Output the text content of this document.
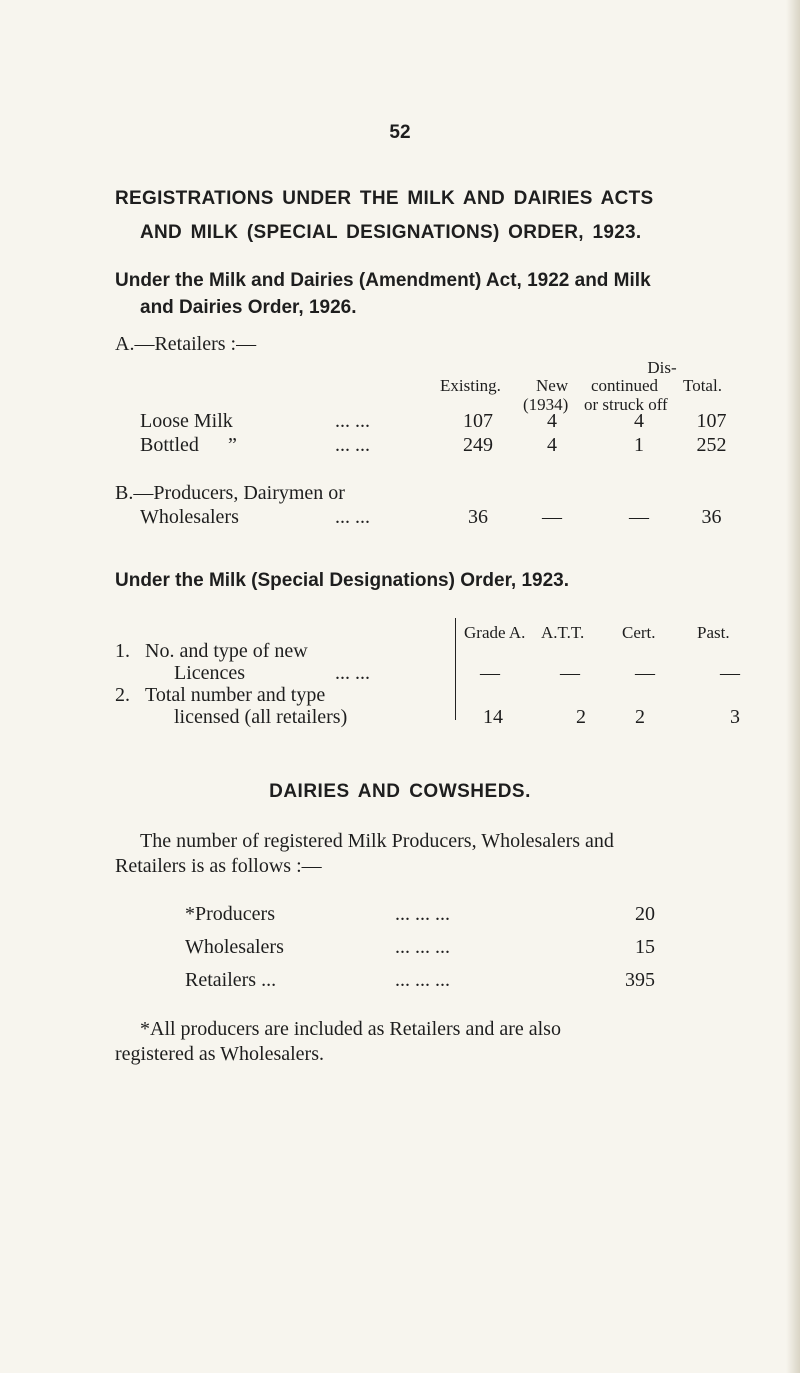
52
REGISTRATIONS UNDER THE MILK AND DAIRIES ACTS
AND MILK (SPECIAL DESIGNATIONS) ORDER, 1923.
Under the Milk and Dairies (Amendment) Act, 1922 and Milk
and Dairies Order, 1926.
A.—Retailers :—
Dis-
Existing. New continued Total.
(1934) or struck off
Loose Milk	... ...	107	4	4	107
Bottled ”	... ...	249	4	1	252
B.—Producers, Dairymen or
Wholesalers	... ...	36	—	—	36
Under the Milk (Special Designations) Order, 1923.
Grade A. A.T.T. Cert. Past.
1. No. and type of new
Licences	... ...	—	—	—	—
2. Total number and type
licensed (all retailers)	14	2	2	3
DAIRIES AND COWSHEDS.
The number of registered Milk Producers, Wholesalers and
Retailers is as follows :—
*Producers	... ... ...	20
Wholesalers	... ... ...	15
Retailers ...	... ... ...	395
*All producers are included as Retailers and are also
registered as Wholesalers.
